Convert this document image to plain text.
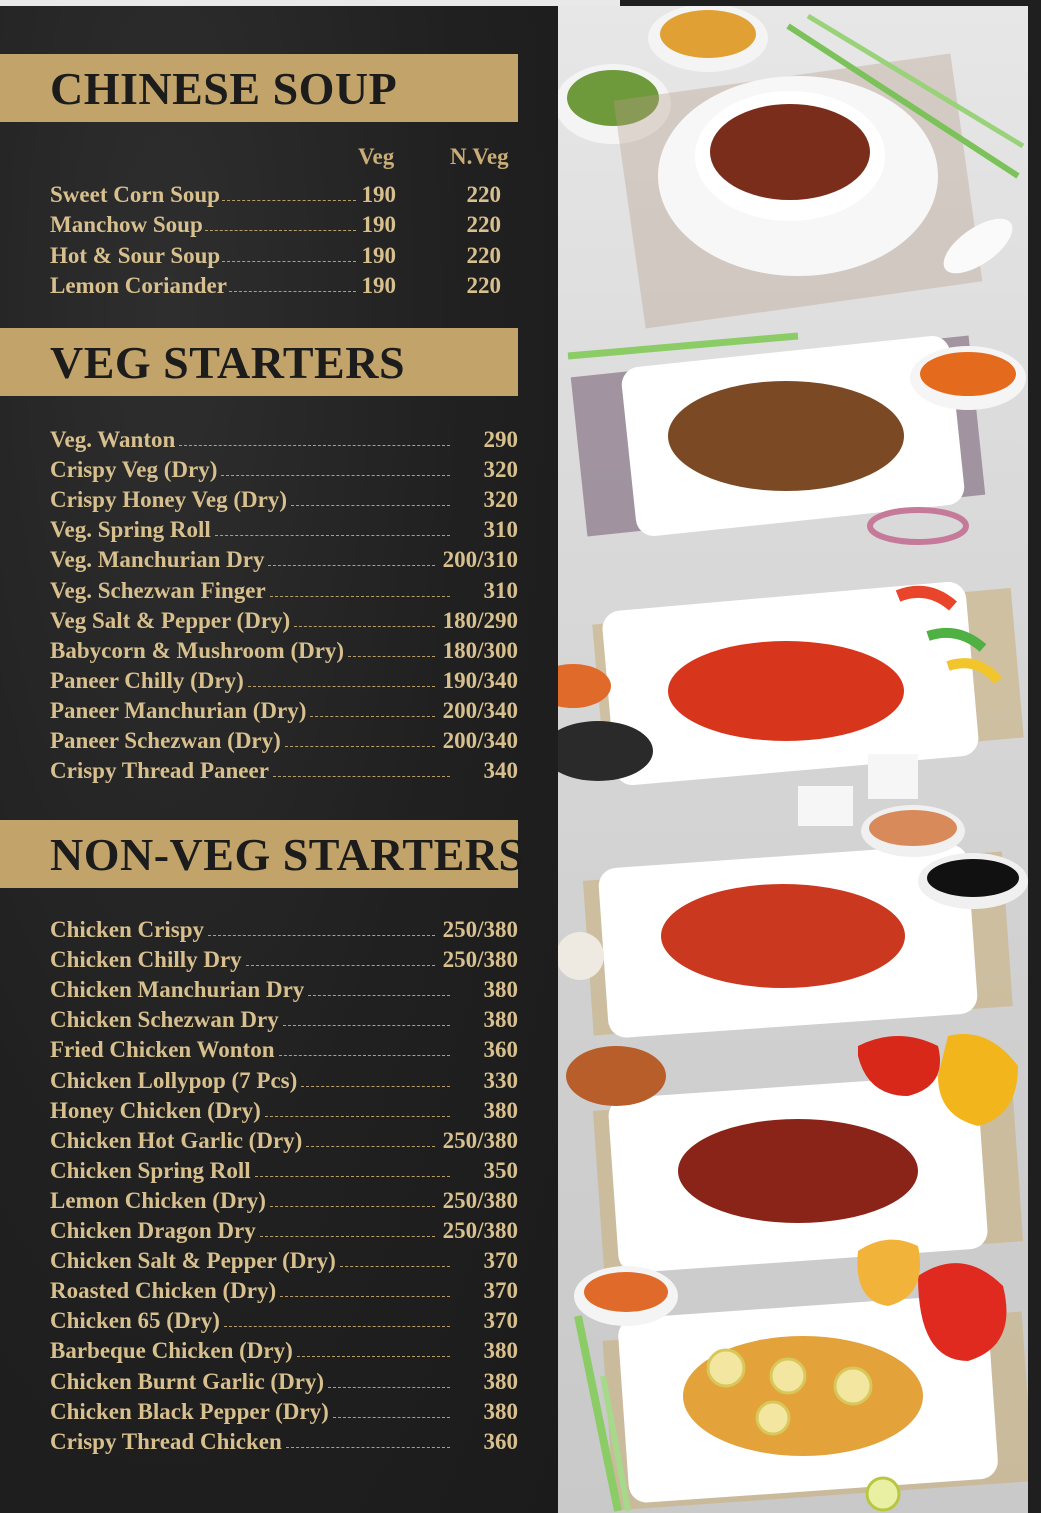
CHINESE SOUP
Veg N.Veg
VEG STARTERS
NON-VEG STARTERS
Sweet Corn Soup	190	220
Manchow Soup	190	220
Hot & Sour Soup	190	220
Lemon Coriander	190	220
Veg. Wanton	290
Crispy Veg (Dry)	320
Crispy Honey Veg (Dry)	320
Veg. Spring Roll	310
Veg. Manchurian Dry	200/310
Veg. Schezwan Finger	310
Veg Salt & Pepper (Dry)	180/290
Babycorn & Mushroom (Dry)	180/300
Paneer Chilly (Dry)	190/340
Paneer Manchurian (Dry)	200/340
Paneer Schezwan (Dry)	200/340
Crispy Thread Paneer	340
Chicken Crispy	250/380
Chicken Chilly Dry	250/380
Chicken Manchurian Dry	380
Chicken Schezwan Dry	380
Fried Chicken Wonton	360
Chicken Lollypop (7 Pcs)	330
Honey Chicken (Dry)	380
Chicken Hot Garlic (Dry)	250/380
Chicken Spring Roll	350
Lemon Chicken (Dry)	250/380
Chicken Dragon Dry	250/380
Chicken Salt & Pepper (Dry)	370
Roasted Chicken (Dry)	370
Chicken 65 (Dry)	370
Barbeque Chicken (Dry)	380
Chicken Burnt Garlic (Dry)	380
Chicken Black Pepper (Dry)	380
Crispy Thread Chicken	360
